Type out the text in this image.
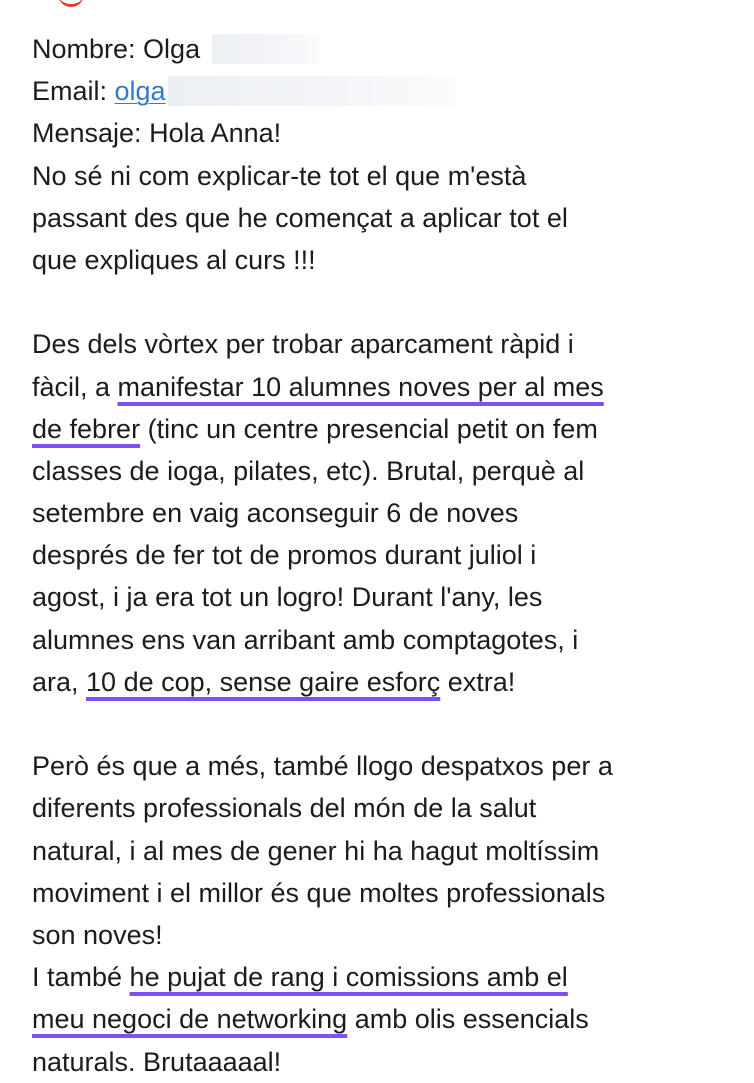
Nombre: Olga
Email: olga
Mensaje: Hola Anna!
No sé ni com explicar-te tot el que m'està
passant des que he començat a aplicar tot el
que expliques al curs !!!
Des dels vòrtex per trobar aparcament ràpid i
fàcil, a manifestar 10 alumnes noves per al mes
de febrer (tinc un centre presencial petit on fem
classes de ioga, pilates, etc). Brutal, perquè al
setembre en vaig aconseguir 6 de noves
després de fer tot de promos durant juliol i
agost, i ja era tot un logro! Durant l'any, les
alumnes ens van arribant amb comptagotes, i
ara, 10 de cop, sense gaire esforç extra!
Però és que a més, també llogo despatxos per a
diferents professionals del món de la salut
natural, i al mes de gener hi ha hagut moltíssim
moviment i el millor és que moltes professionals
son noves!
I també he pujat de rang i comissions amb el
meu negoci de networking amb olis essencials
naturals. Brutaaaaal!
